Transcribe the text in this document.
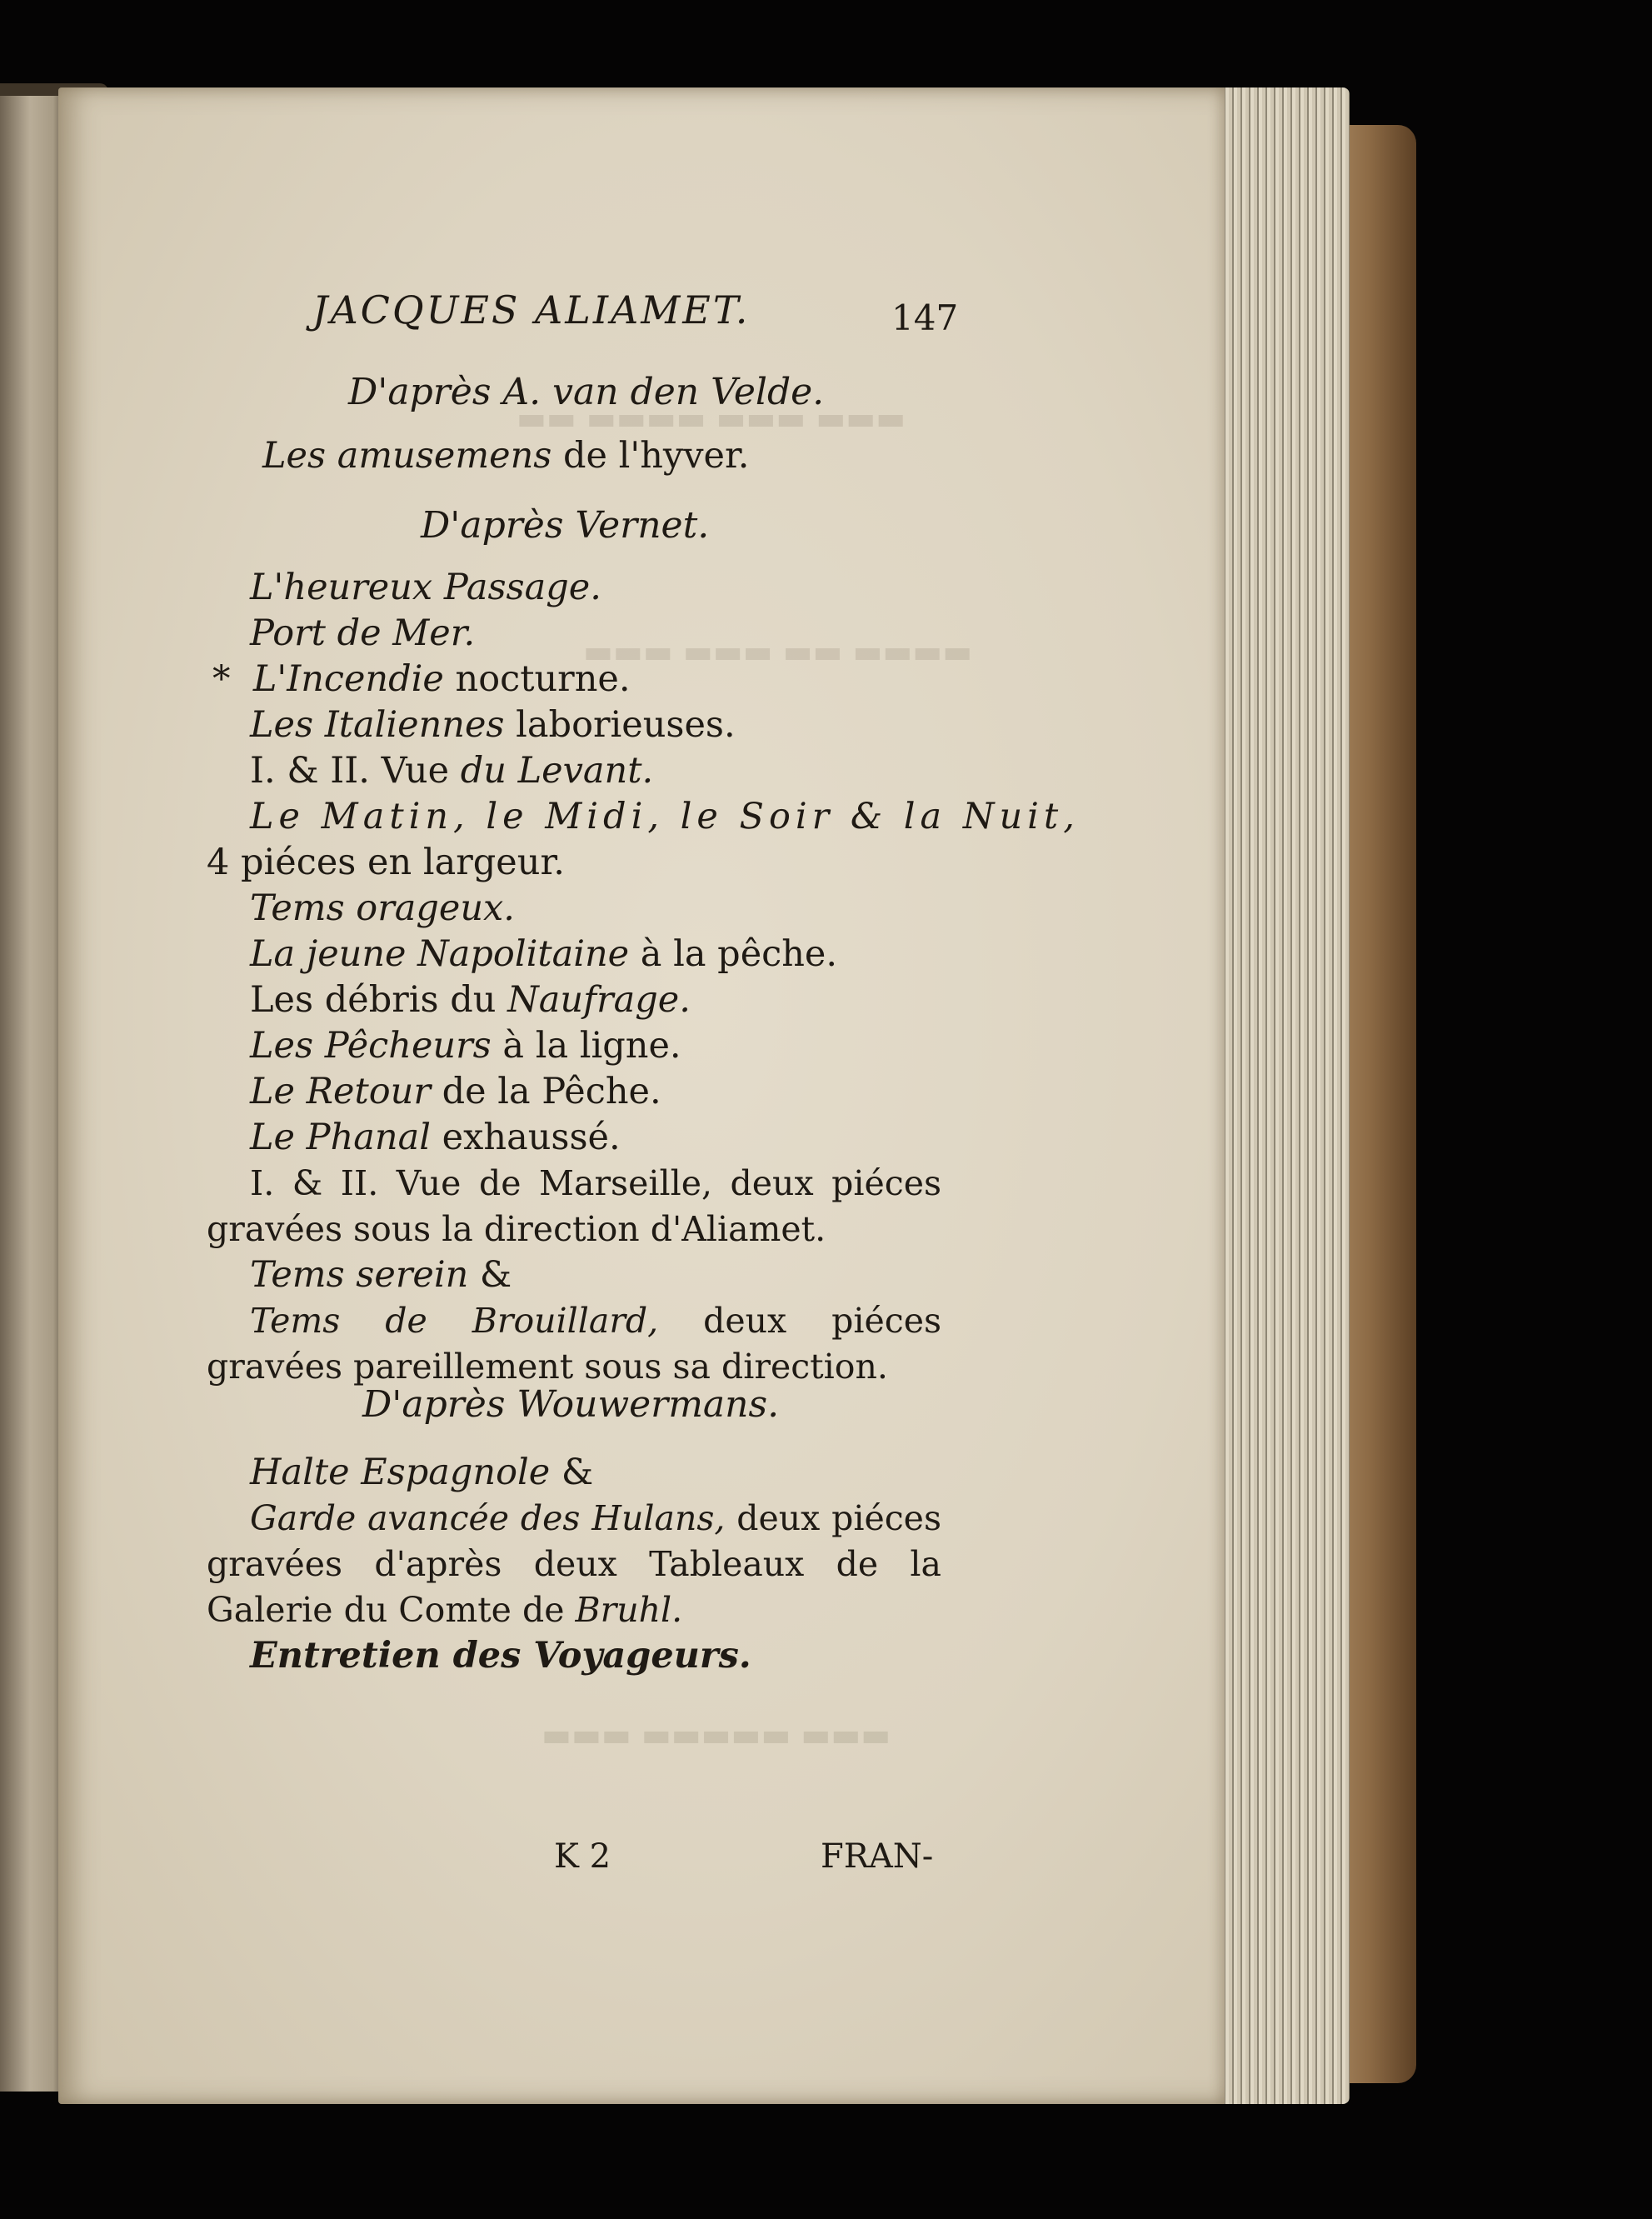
▬▬▬ ▬▬▬ ▬▬▬▬ ▬▬
▬▬▬▬ ▬▬ ▬▬▬ ▬▬▬
▬▬▬ ▬▬▬▬▬ ▬▬▬
JACQUES ALIAMET.	147
D'après A. van den Velde.
Les amusemens de l'hyver.
D'après Vernet.
L'heureux Passage.
Port de Mer.
* L'Incendie nocturne.
Les Italiennes laborieuses.
I. & II. Vue du Levant.
Le Matin, le Midi, le Soir & la Nuit,
4 piéces en largeur.
Tems orageux.
La jeune Napolitaine à la pêche.
Les débris du Naufrage.
Les Pêcheurs à la ligne.
Le Retour de la Pêche.
Le Phanal exhaussé.
I. & II. Vue de Marseille, deux piéces gravées sous la direction d'Aliamet.
Tems serein &
Tems de Brouillard, deux piéces gravées pareillement sous sa direction.
D'après Wouwermans.
Halte Espagnole &
Garde avancée des Hulans, deux piéces gravées d'après deux Tableaux de la Galerie du Comte de Bruhl.
Entretien des Voyageurs.
K 2	FRAN-
